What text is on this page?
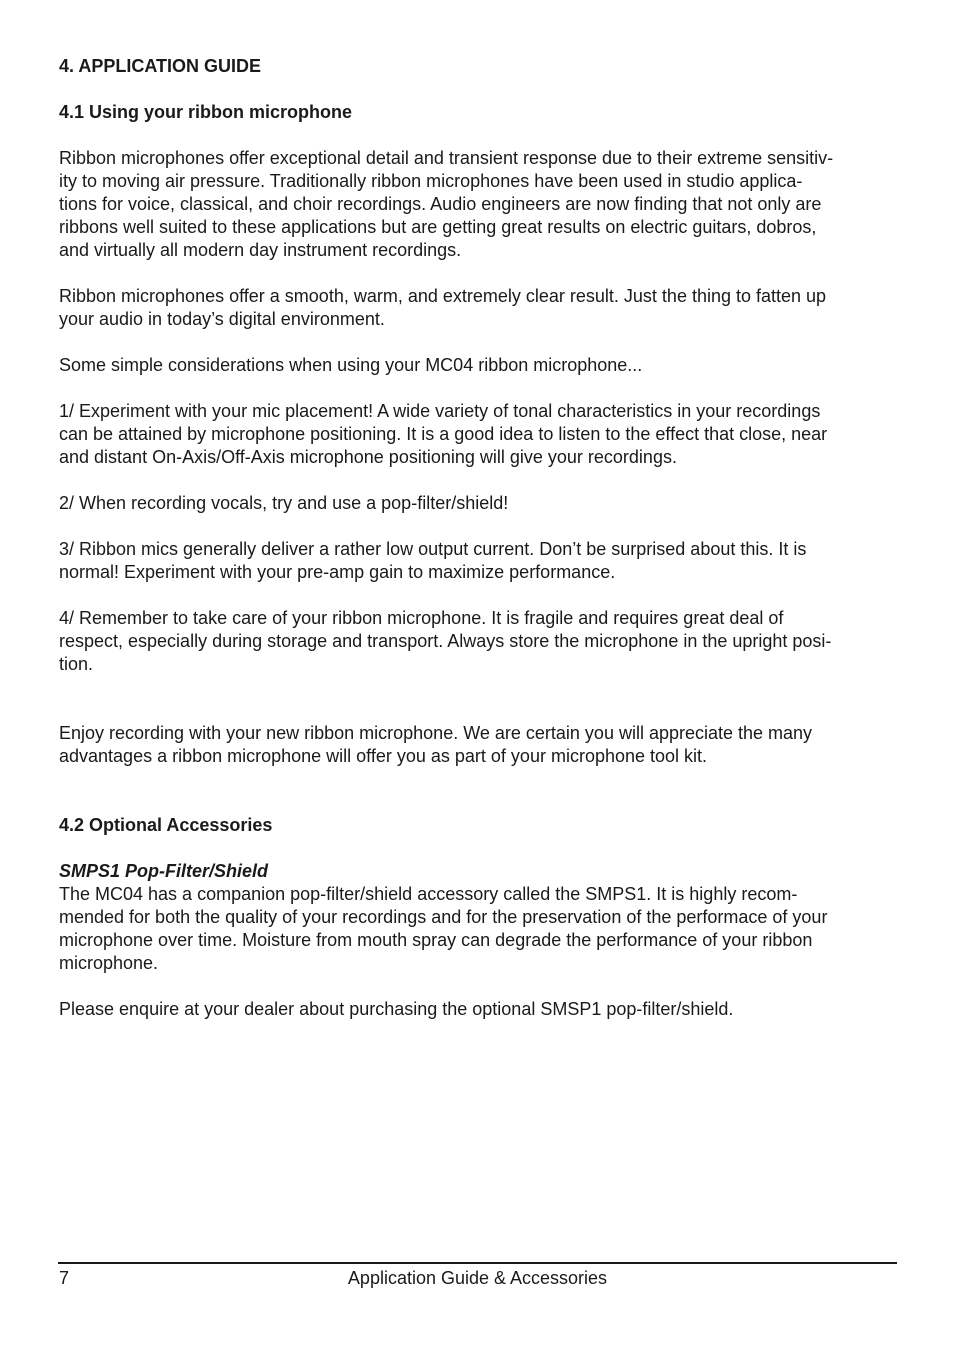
4. APPLICATION GUIDE
4.1 Using your ribbon microphone

Ribbon microphones offer exceptional detail and transient response due to their extreme sensitiv-
ity to moving air pressure. Traditionally ribbon microphones have been used in studio applica-
tions for voice, classical, and choir recordings. Audio engineers are now finding that not only are
ribbons well suited to these applications but are getting great results on electric guitars, dobros,
and virtually all modern day instrument recordings.

Ribbon microphones offer a smooth, warm, and extremely clear result. Just the thing to fatten up
your audio in today’s digital environment.

Some simple considerations when using your MC04 ribbon microphone...

1/ Experiment with your mic placement! A wide variety of tonal characteristics in your recordings
can be attained by microphone positioning. It is a good idea to listen to the effect that close, near
and distant On-Axis/Off-Axis microphone positioning will give your recordings.

2/ When recording vocals, try and use a pop-filter/shield!

3/ Ribbon mics generally deliver a rather low output current. Don’t be surprised about this. It is
normal! Experiment with your pre-amp gain to maximize performance.

4/ Remember to take care of your ribbon microphone. It is fragile and requires great deal of
respect, especially during storage and transport. Always store the microphone in the upright posi-
tion.

Enjoy recording with your new ribbon microphone. We are certain you will appreciate the many
advantages a ribbon microphone will offer you as part of your microphone tool kit.

4.2 Optional Accessories
SMPS1 Pop-Filter/Shield

The MC04 has a companion pop-filter/shield accessory called the SMPS1. It is highly recom-
mended for both the quality of your recordings and for the preservation of the performace of your
microphone over time. Moisture from mouth spray can degrade the performance of your ribbon
microphone.

Please enquire at your dealer about purchasing the optional SMSP1 pop-filter/shield.

Application Guide & Accessories
7
